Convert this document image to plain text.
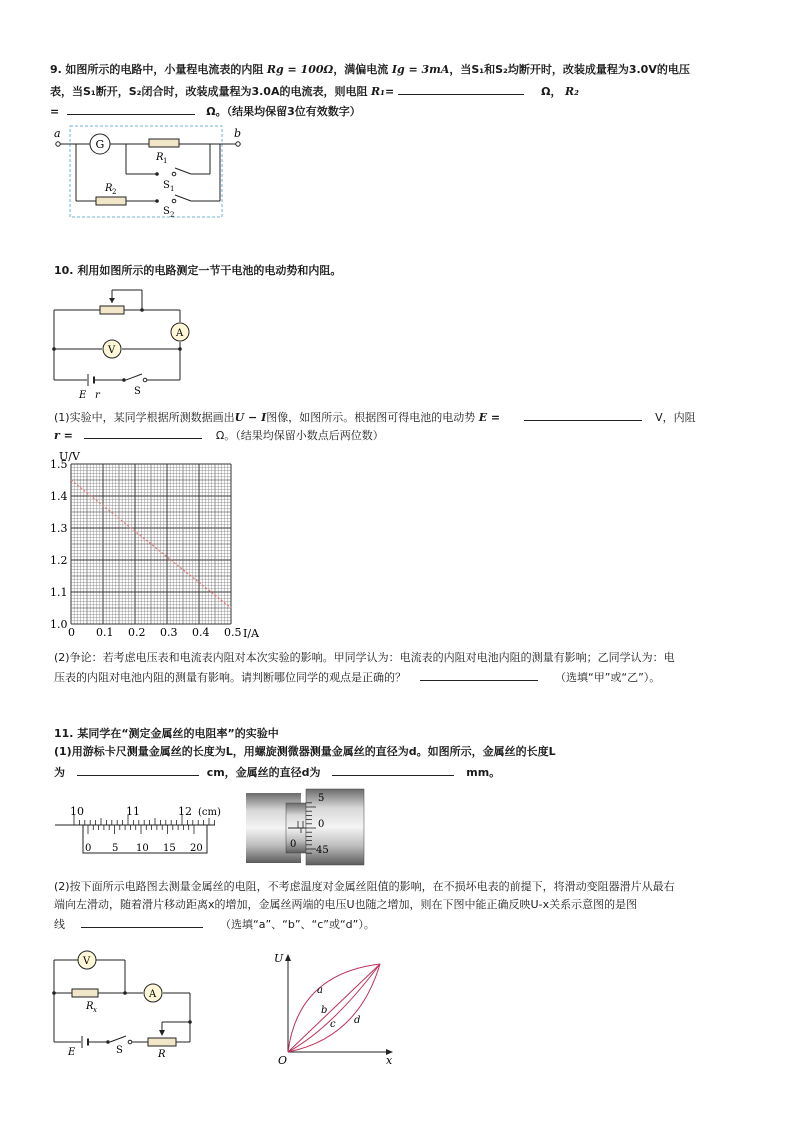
9. 如图所示的电路中，小量程电流表的内阻 Rg = 100Ω，满偏电流 Ig = 3mA，当S₁和S₂均断开时，改装成量程为3.0V的电压
表，当S₁断开，S₂闭合时，改装成量程为3.0A的电流表，则电阻 R₁=	Ω， R₂
=	Ω。（结果均保留3位有效数字）
a	b
G
R 1
R 2
S 1
S 2
10. 利用如图所示的电路测定一节干电池的电动势和内阻。
A
V
E r	S
(1)实验中，某同学根据所测数据画出U − I图像，如图所示。根据图可得电池的电动势 E =	V，内阻
r =	Ω。（结果均保留小数点后两位数）
0 0.1 0.2 0.3 0.4 0.5
1.0
1.1
1.2
1.3
1.4
1.5
U/V
I/A
(2)争论：若考虑电压表和电流表内阻对本次实验的影响。甲同学认为：电流表的内阻对电池内阻的测量有影响；乙同学认为：电
压表的内阻对电池内阻的测量有影响。请判断哪位同学的观点是正确的？	（选填“甲”或“乙”）。
11. 某同学在“测定金属丝的电阻率”的实验中
(1)用游标卡尺测量金属丝的长度为L，用螺旋测微器测量金属丝的直径为d。如图所示，金属丝的长度L
为	cm，金属丝的直径d为	mm。
10	11	12 (cm)
0 5 10 15 20	0
5
0
45
(2)按下面所示电路图去测量金属丝的电阻，不考虑温度对金属丝阻值的影响，在不损坏电表的前提下，将滑动变阻器滑片从最右
端向左滑动，随着滑片移动距离x的增加，金属丝两端的电压U也随之增加，则在下图中能正确反映U-x关系示意图的是图
线	（选填“a”、“b”、“c”或“d”）。
V
A
R x
E	S	R
U
x
O
a
b
c d
